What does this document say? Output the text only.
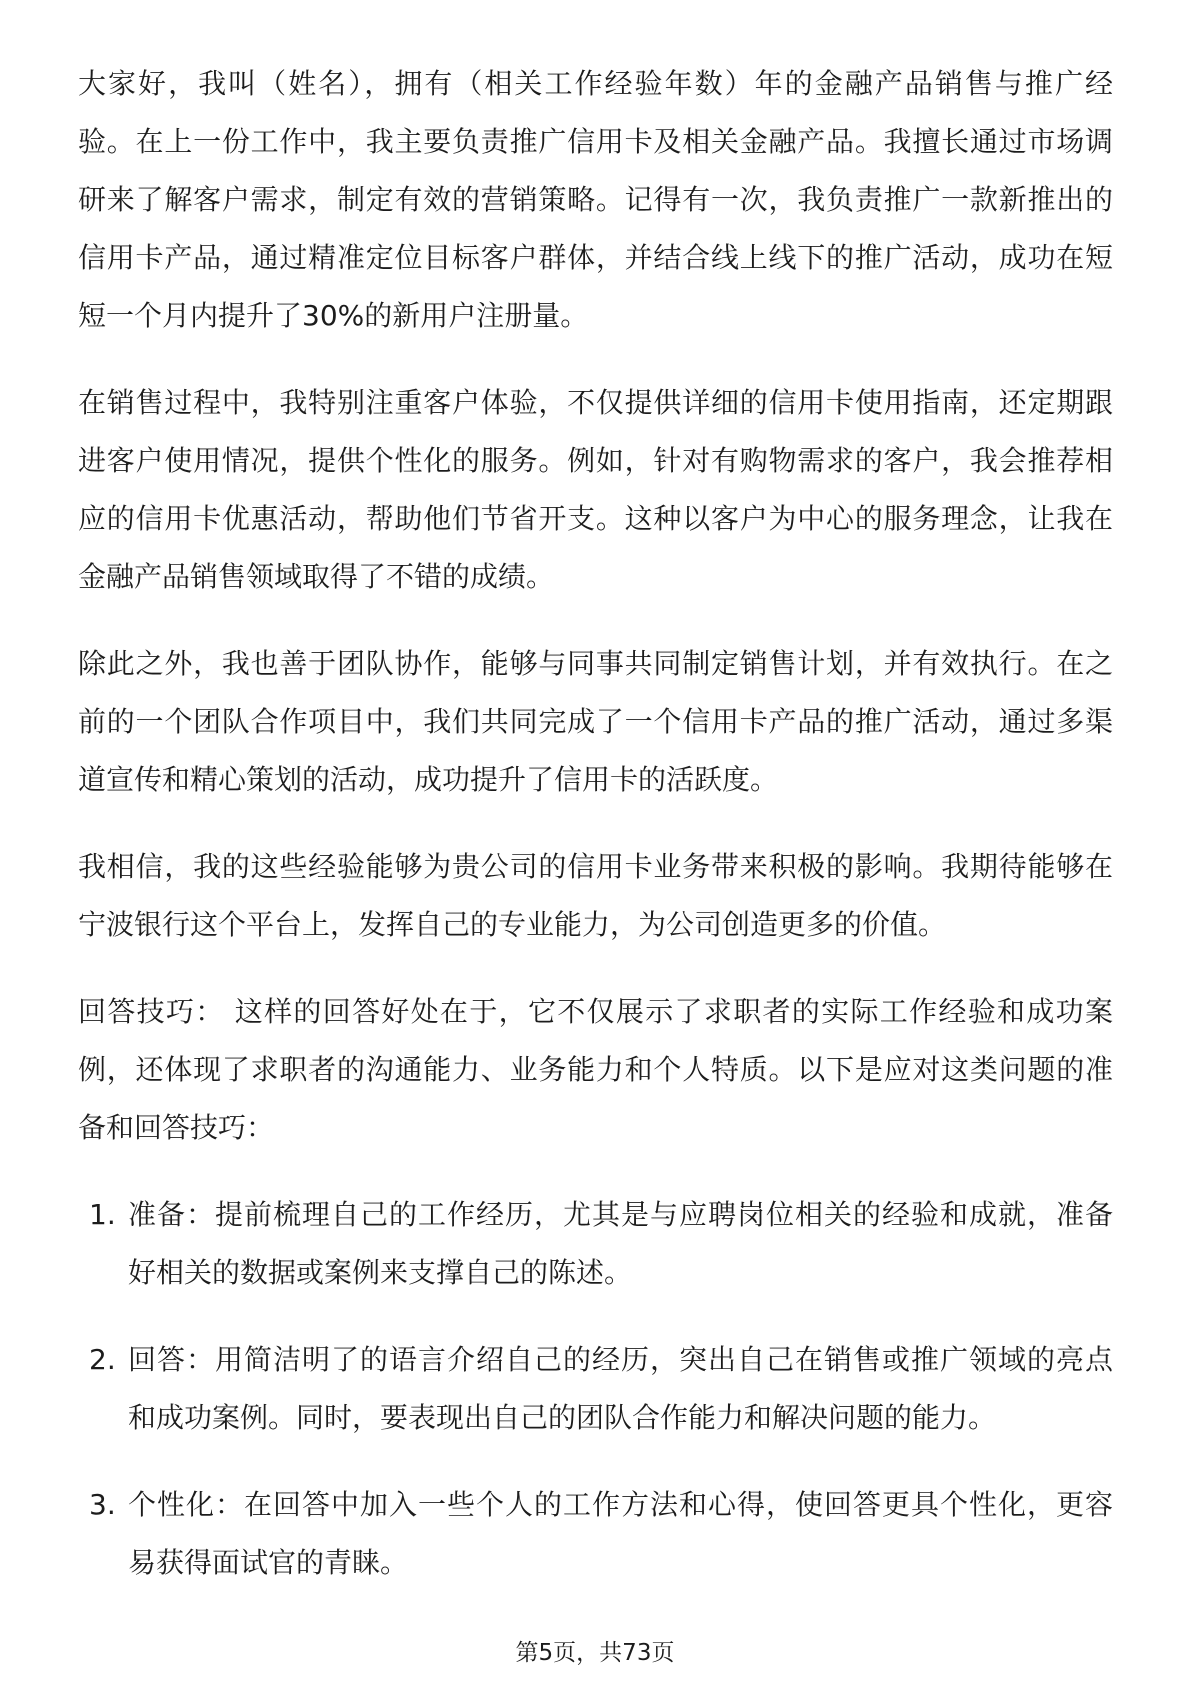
大家好，我叫（姓名），拥有（相关工作经验年数）年的金融产品销售与推广经
验。在上一份工作中，我主要负责推广信用卡及相关金融产品。我擅长通过市场调
研来了解客户需求，制定有效的营销策略。记得有一次，我负责推广一款新推出的
信用卡产品，通过精准定位目标客户群体，并结合线上线下的推广活动，成功在短
短一个月内提升了30%的新用户注册量。
在销售过程中，我特别注重客户体验，不仅提供详细的信用卡使用指南，还定期跟
进客户使用情况，提供个性化的服务。例如，针对有购物需求的客户，我会推荐相
应的信用卡优惠活动，帮助他们节省开支。这种以客户为中心的服务理念，让我在
金融产品销售领域取得了不错的成绩。
除此之外，我也善于团队协作，能够与同事共同制定销售计划，并有效执行。在之
前的一个团队合作项目中，我们共同完成了一个信用卡产品的推广活动，通过多渠
道宣传和精心策划的活动，成功提升了信用卡的活跃度。
我相信，我的这些经验能够为贵公司的信用卡业务带来积极的影响。我期待能够在
宁波银行这个平台上，发挥自己的专业能力，为公司创造更多的价值。
回答技巧： 这样的回答好处在于，它不仅展示了求职者的实际工作经验和成功案
例，还体现了求职者的沟通能力、业务能力和个人特质。以下是应对这类问题的准
备和回答技巧：
1. 准备：提前梳理自己的工作经历，尤其是与应聘岗位相关的经验和成就，准备
好相关的数据或案例来支撑自己的陈述。
2. 回答：用简洁明了的语言介绍自己的经历，突出自己在销售或推广领域的亮点
和成功案例。同时，要表现出自己的团队合作能力和解决问题的能力。
3. 个性化：在回答中加入一些个人的工作方法和心得，使回答更具个性化，更容
易获得面试官的青睐。
第5页，共73页
